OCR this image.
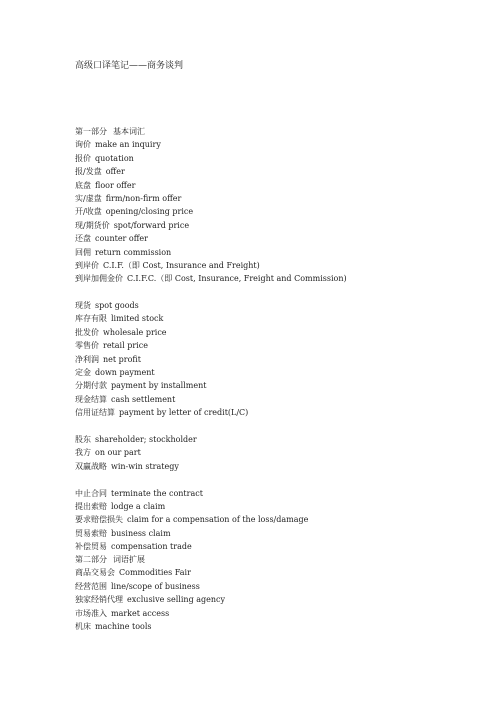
高级口译笔记——商务谈判
第一部分 基本词汇
询价 make an inquiry
报价 quotation
报/发盘 offer
底盘 floor offer
实/虚盘 firm/non-firm offer
开/收盘 opening/closing price
现/期货价 spot/forward price
还盘 counter offer
回佣 return commission
到岸价 C.I.F.（即 Cost, Insurance and Freight)
到岸加佣金价 C.I.F.C.（即 Cost, Insurance, Freight and Commission)
现货 spot goods
库存有限 limited stock
批发价 wholesale price
零售价 retail price
净利润 net profit
定金 down payment
分期付款 payment by installment
现金结算 cash settlement
信用证结算 payment by letter of credit(L/C)
股东 shareholder; stockholder
我方 on our part
双赢战略 win-win strategy
中止合同 terminate the contract
提出索赔 lodge a claim
要求赔偿损失 claim for a compensation of the loss/damage
贸易索赔 business claim
补偿贸易 compensation trade
第二部分 词语扩展
商品交易会 Commodities Fair
经营范围 line/scope of business
独家经销代理 exclusive selling agency
市场准入 market access
机床 machine tools
